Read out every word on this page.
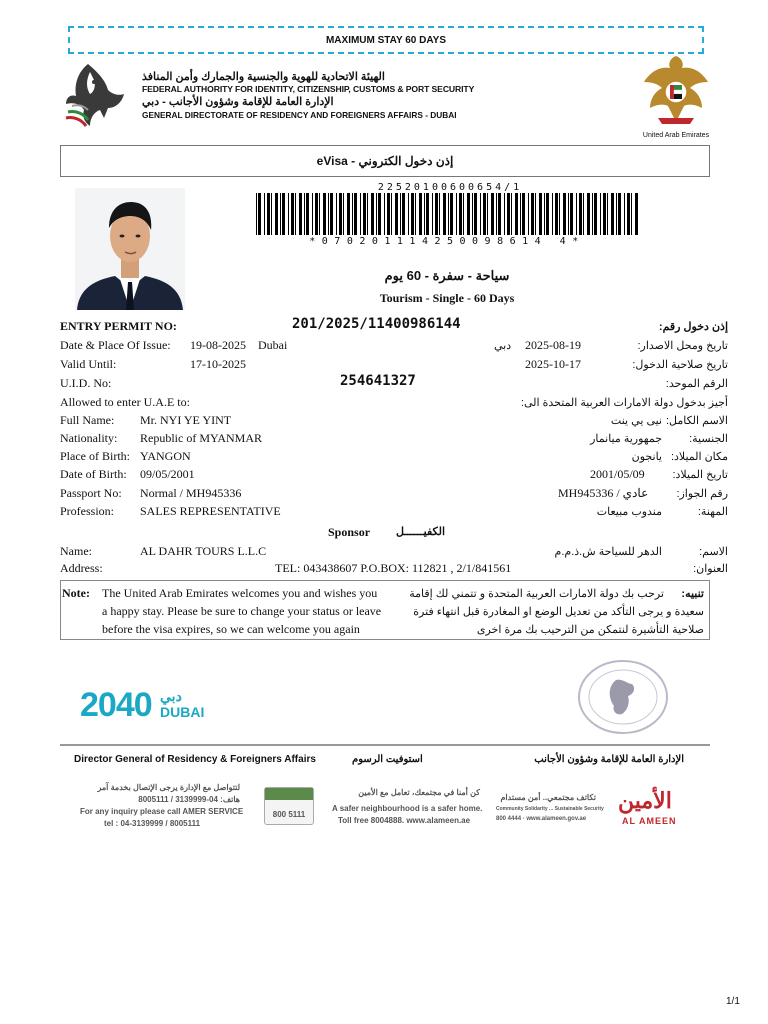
MAXIMUM STAY 60 DAYS
الهيئة الاتحادية للهوية والجنسية والجمارك وأمن المنافذ
FEDERAL AUTHORITY FOR IDENTITY, CITIZENSHIP, CUSTOMS & PORT SECURITY
الإدارة العامة للإقامة وشؤون الأجانب - دبي
GENERAL DIRECTORATE OF RESIDENCY AND FOREIGNERS AFFAIRS - DUBAI
United Arab Emirates
إذن دخول الكتروني - eVisa
22520100600654/1
*070201114250098614 4*
سياحة - سفرة - 60 يوم
Tourism - Single - 60 Days
ENTRY PERMIT NO:	201/2025/11400986144	إذن دخول رقم:
Date & Place Of Issue: 19-08-2025 Dubai	دبي 2025-08-19	تاريخ ومحل الاصدار:
Valid Until:	17-10-2025	2025-10-17	تاريخ صلاحية الدخول:
U.I.D. No:	254641327	الرقم الموحد:
Allowed to enter U.A.E to:	أجيز بدخول دولة الامارات العربية المتحدة الى:
Full Name: Mr. NYI YE YINT	نيى يي ينت الاسم الكامل:
Nationality: Republic of MYANMAR	جمهورية ميانمار الجنسية:
Place of Birth: YANGON	يانجون مكان الميلاد:
Date of Birth: 09/05/2001	2001/05/09	تاريخ الميلاد:
Passport No: Normal / MH945336	MH945336 / عادي	رقم الجواز:
Profession: SALES REPRESENTATIVE	مندوب مبيعات	المهنة:
Sponsor الكفيــــــل
Name:	AL DAHR TOURS L.L.C	الدهر للسياحة ش.ذ.م.م	الاسم:
Address:	TEL: 043438607 P.O.BOX: 112821 , 2/1/841561	العنوان:
Note: The United Arab Emirates welcomes you and wishes you
a happy stay. Please be sure to change your status or leave
before the visa expires, so we can welcome you again
تنبيه:
ترحب بك دولة الامارات العربية المتحدة و تتمني لك إقامة
سعيدة و يرجى التأكد من تعديل الوضع او المغادرة قبل انتهاء فترة
صلاحية التأشيرة لنتمكن من الترحيب بك مرة اخرى
2040 دبي
DUBAI
Director General of Residency & Foreigners Affairs	استوفيت الرسوم	الإدارة العامة للإقامة وشؤون الأجانب
لتتواصل مع الإدارة يرجى الإتصال بخدمة آمر
هاتف: 04-3139999 / 8005111
For any inquiry please call AMER SERVICE
tel : 04-3139999 / 8005111
800 5111
كن أمنا في مجتمعك، تعامل مع الأمين
A safer neighbourhood is a safer home.
Toll free 8004888. www.alameen.ae
تكاتف مجتمعي.. أمن مستدام
Community Solidarity ... Sustainable Security
800 4444 · www.alameen.gov.ae
الأمين
AL AMEEN
1/1
